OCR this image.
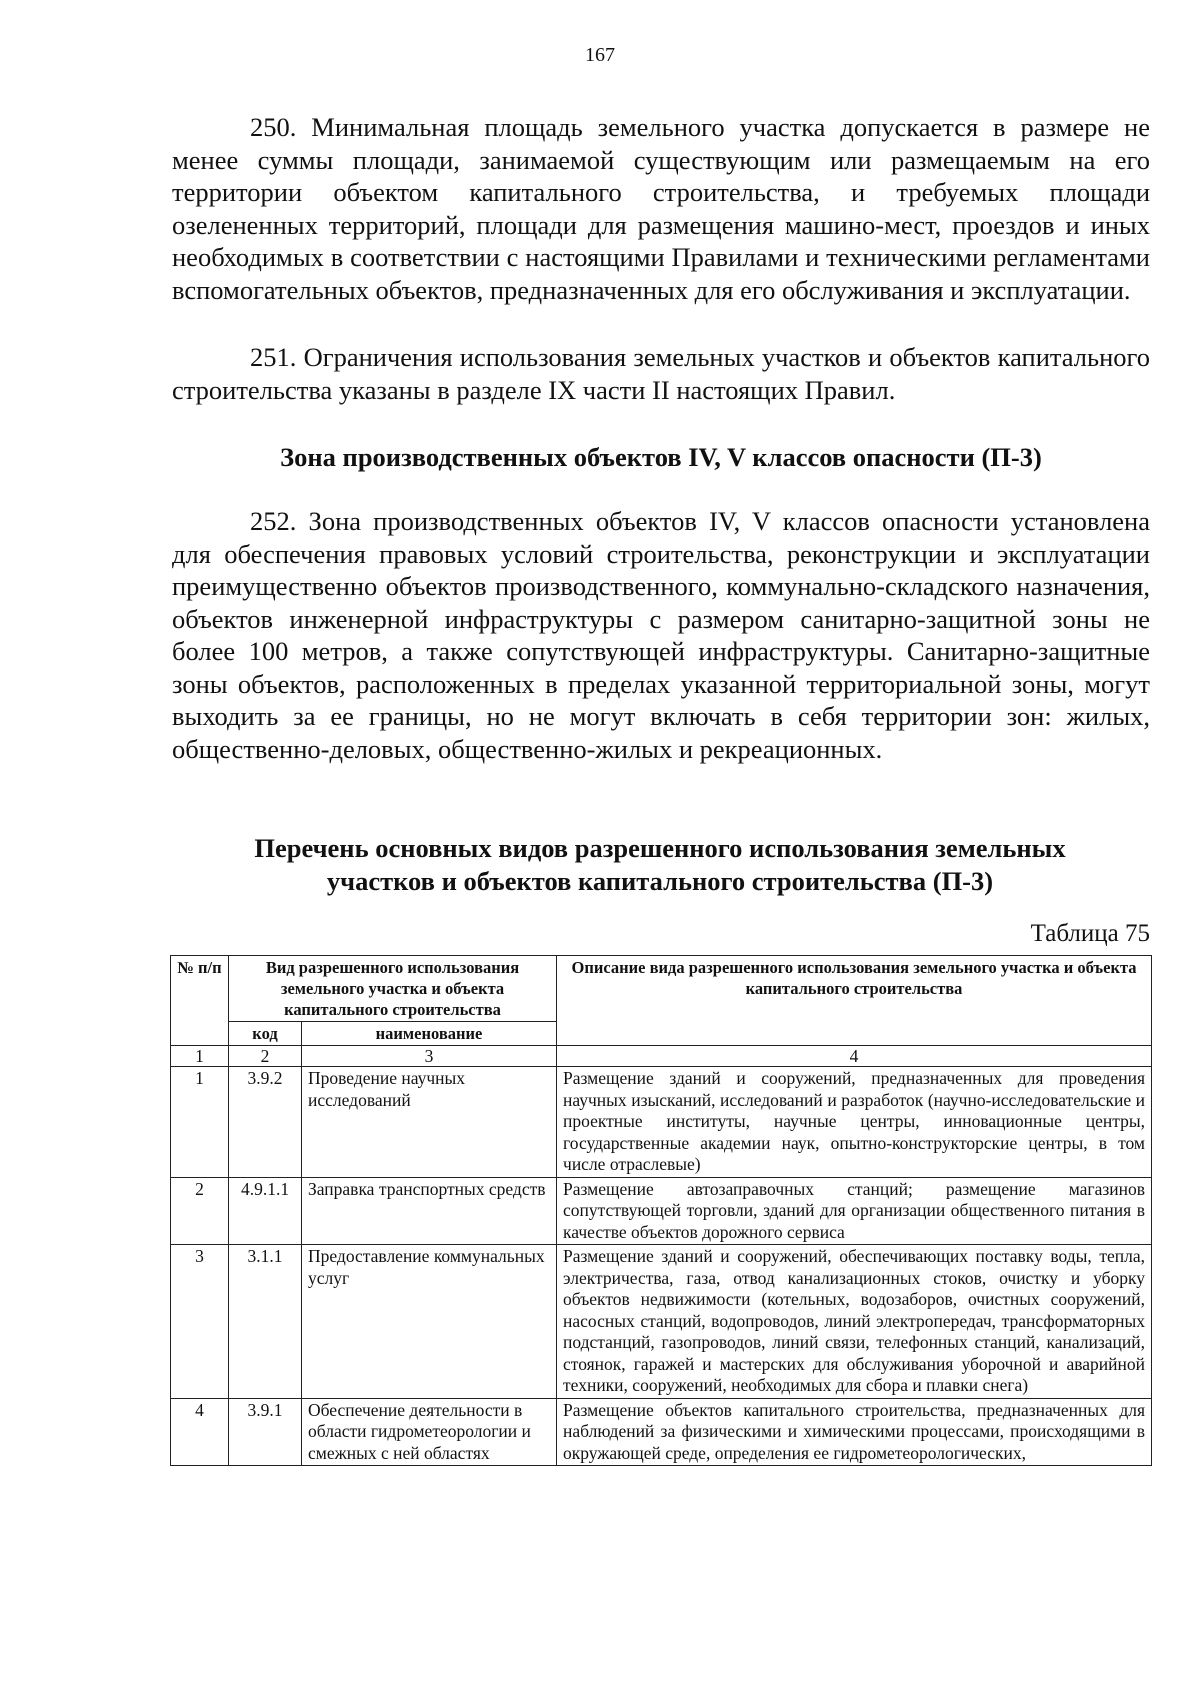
167

250. Минимальная площадь земельного участка допускается в размере не менее суммы площади, занимаемой существующим или размещаемым на его территории объектом капитального строительства, и требуемых площади озелененных территорий, площади для размещения машино-мест, проездов и иных необходимых в соответствии с настоящими Правилами и техническими регламентами вспомогательных объектов, предназначенных для его обслуживания и эксплуатации.

251. Ограничения использования земельных участков и объектов капитального строительства указаны в разделе IX части II настоящих Правил.

Зона производственных объектов IV, V классов опасности (П-3)

252. Зона производственных объектов IV, V классов опасности установлена для обеспечения правовых условий строительства, реконструкции и эксплуатации преимущественно объектов производственного, коммунально-складского назначения, объектов инженерной инфраструктуры с размером санитарно-защитной зоны не более 100 метров, а также сопутствующей инфраструктуры. Санитарно-защитные зоны объектов, расположенных в пределах указанной территориальной зоны, могут выходить за ее границы, но не могут включать в себя территории зон: жилых, общественно-деловых, общественно-жилых и рекреационных.

Перечень основных видов разрешенного использования земельных участков и объектов капитального строительства (П-3)
Таблица 75
№ п/п	Вид разрешенного использования земельного участка и объекта капитального строительства		Описание вида разрешенного использования земельного участка и объекта капитального строительства
	код	наименование	
1	2	3	4
1	3.9.2	Проведение научных исследований	Размещение зданий и сооружений, предназначенных для проведения научных изысканий, исследований и разработок (научно-исследовательские и проектные институты, научные центры, инновационные центры, государственные академии наук, опытно-конструкторские центры, в том числе отраслевые)
2	4.9.1.1	Заправка транспортных средств	Размещение автозаправочных станций; размещение магазинов сопутствующей торговли, зданий для организации общественного питания в качестве объектов дорожного сервиса
3	3.1.1	Предоставление коммунальных услуг	Размещение зданий и сооружений, обеспечивающих поставку воды, тепла, электричества, газа, отвод канализационных стоков, очистку и уборку объектов недвижимости (котельных, водозаборов, очистных сооружений, насосных станций, водопроводов, линий электропередач, трансформаторных подстанций, газопроводов, линий связи, телефонных станций, канализаций, стоянок, гаражей и мастерских для обслуживания уборочной и аварийной техники, сооружений, необходимых для сбора и плавки снега)
4	3.9.1	Обеспечение деятельности в области гидрометеорологии и смежных с ней областях	Размещение объектов капитального строительства, предназначенных для наблюдений за физическими и химическими процессами, происходящими в окружающей среде, определения ее гидрометеорологических,
